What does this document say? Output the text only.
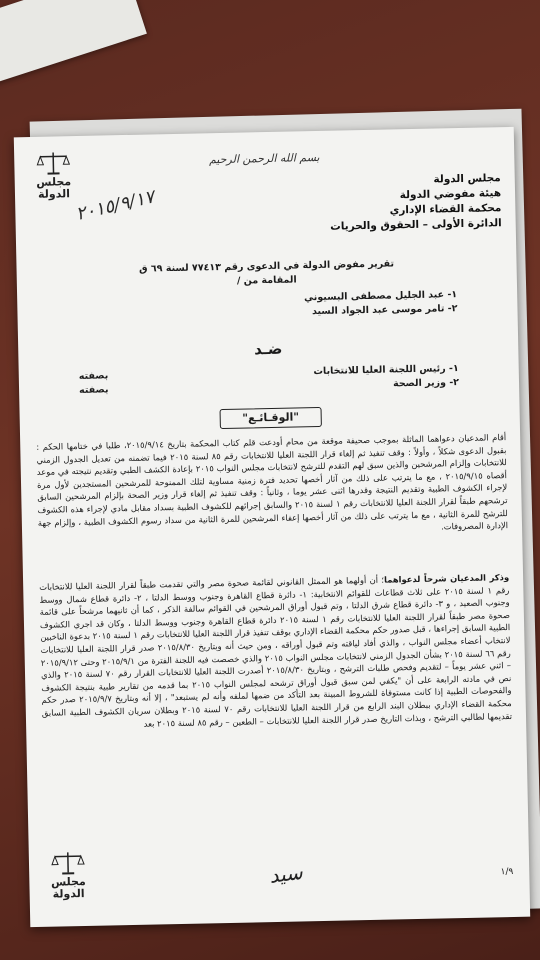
مجلس الدولة
بسم الله الرحمن الرحيم
٢٠١٥/٩/١٧
مجلس الدولة
هيئة مفوضي الدولة
محكمة القضاء الإداري
الدائرة الأولى – الحقوق والحريات
تقرير مفوض الدولة في الدعوى رقم ٧٧٤١٣ لسنة ٦٩ ق
المقامة من /
١- عبد الجليل مصطفى البسيوني
٢- تامر موسى عبد الجواد السيد
ضـد
١- رئيس اللجنة العليا للانتخابات
بصفته
٢- وزير الصحة
بصفته
"الوقـائـع"
أقام المدعيان دعواهما الماثلة بموجب صحيفة موقعة من محام أودعت قلم كتاب المحكمة بتاريخ ٢٠١٥/٩/١٤، طلبا في ختامها الحكم : بقبول الدعوى شكلاً ، وأولاً : وقف تنفيذ ثم إلغاء قرار اللجنة العليا للانتخابات رقم ٨٥ لسنة ٢٠١٥ فيما تضمنه من تعديل الجدول الزمني للانتخابات وإلزام المرشحين والذين سبق لهم التقدم للترشح لانتخابات مجلس النواب ٢٠١٥ بإعادة الكشف الطبي وتقديم نتيجته في موعد أقصاه ٢٠١٥/٩/١٥ ، مع ما يترتب على ذلك من آثار أخصها تحديد فترة زمنية مساوية لتلك الممنوحة للمرشحين المستجدين لأول مرة لإجراء الكشوف الطبية وتقديم النتيجة وقدرها اثنى عشر يوما ، وثانياً : وقف تنفيذ ثم إلغاء قرار وزير الصحة بإلزام المرشحين السابق ترشحهم طبقاً لقرار اللجنة العليا للانتخابات رقم ١ لسنة ٢٠١٥ والسابق إجرائهم للكشوف الطبية بسداد مقابل مادي لإجراء هذه الكشوف للترشح للمرة الثانية ، مع ما يترتب على ذلك من آثار أخصها إعفاء المرشحين للمرة الثانية من سداد رسوم الكشوف الطبية ، وإلزام جهة الإدارة المصروفات.
وذكر المدعيان شرحاً لدعواهما؛ أن أولهما هو الممثل القانوني لقائمة صحوة مصر والتي تقدمت طبقاً لقرار اللجنة العليا للانتخابات رقم ١ لسنة ٢٠١٥ على ثلاث قطاعات للقوائم الانتخابية: ١- دائرة قطاع القاهرة وجنوب ووسط الدلتا ، ٢- دائرة قطاع شمال ووسط وجنوب الصعيد ، و ٣- دائرة قطاع شرق الدلتا ، وتم قبول أوراق المرشحين في القوائم سالفة الذكر ، كما أن ثانيهما مرشحاً على قائمة صحوة مصر طبقاً لقرار اللجنة العليا للانتخابات رقم ١ لسنة ٢٠١٥ دائرة قطاع القاهرة وجنوب ووسط الدلتا ، وكان قد اجري الكشوف الطبية السابق إجراءها ، قبل صدور حكم محكمة القضاء الإداري بوقف تنفيذ قرار اللجنة العليا للانتخابات رقم ١ لسنة ٢٠١٥ بدعوة الناخبين لانتخاب أعضاء مجلس النواب ، والذي أفاد لياقته وتم قبول أوراقه ، ومن حيث أنه وبتاريخ ٢٠١٥/٨/٣٠ صدر قرار اللجنة العليا للانتخابات رقم ٦٦ لسنة ٢٠١٥ بشأن الجدول الزمني لانتخابات مجلس النواب ٢٠١٥ والذي خصصت فيه اللجنة الفترة من ٢٠١٥/٩/١ وحتى ٢٠١٥/٩/١٢ – اثني عشر يوماً – لتقديم وفحص طلبات الترشح ، وبتاريخ ٢٠١٥/٨/٣٠ أصدرت اللجنة العليا للانتخابات القرار رقم ٧٠ لسنة ٢٠١٥ والذي نص في مادته الرابعة على أن "يكفي لمن سبق قبول أوراق ترشحه لمجلس النواب ٢٠١٥ بما قدمه من تقارير طبية بنتيجة الكشوف والفحوصات الطبية إذا كانت مستوفاة للشروط المبينة بعد التأكد من ضمها لملفه وأنه لم يستبعد" ، إلا أنه وبتاريخ ٢٠١٥/٩/٧ صدر حكم محكمة القضاء الإداري ببطلان البند الرابع من قرار اللجنة العليا للانتخابات رقم ٧٠ لسنة ٢٠١٥ وبطلان سريان الكشوف الطبية السابق تقديمها لطالبي الترشح ، وبذات التاريخ صدر قرار اللجنة العليا للانتخابات – الطعين – رقم ٨٥ لسنة ٢٠١٥ بعد
سيد
مجلس الدولة
١/٩
